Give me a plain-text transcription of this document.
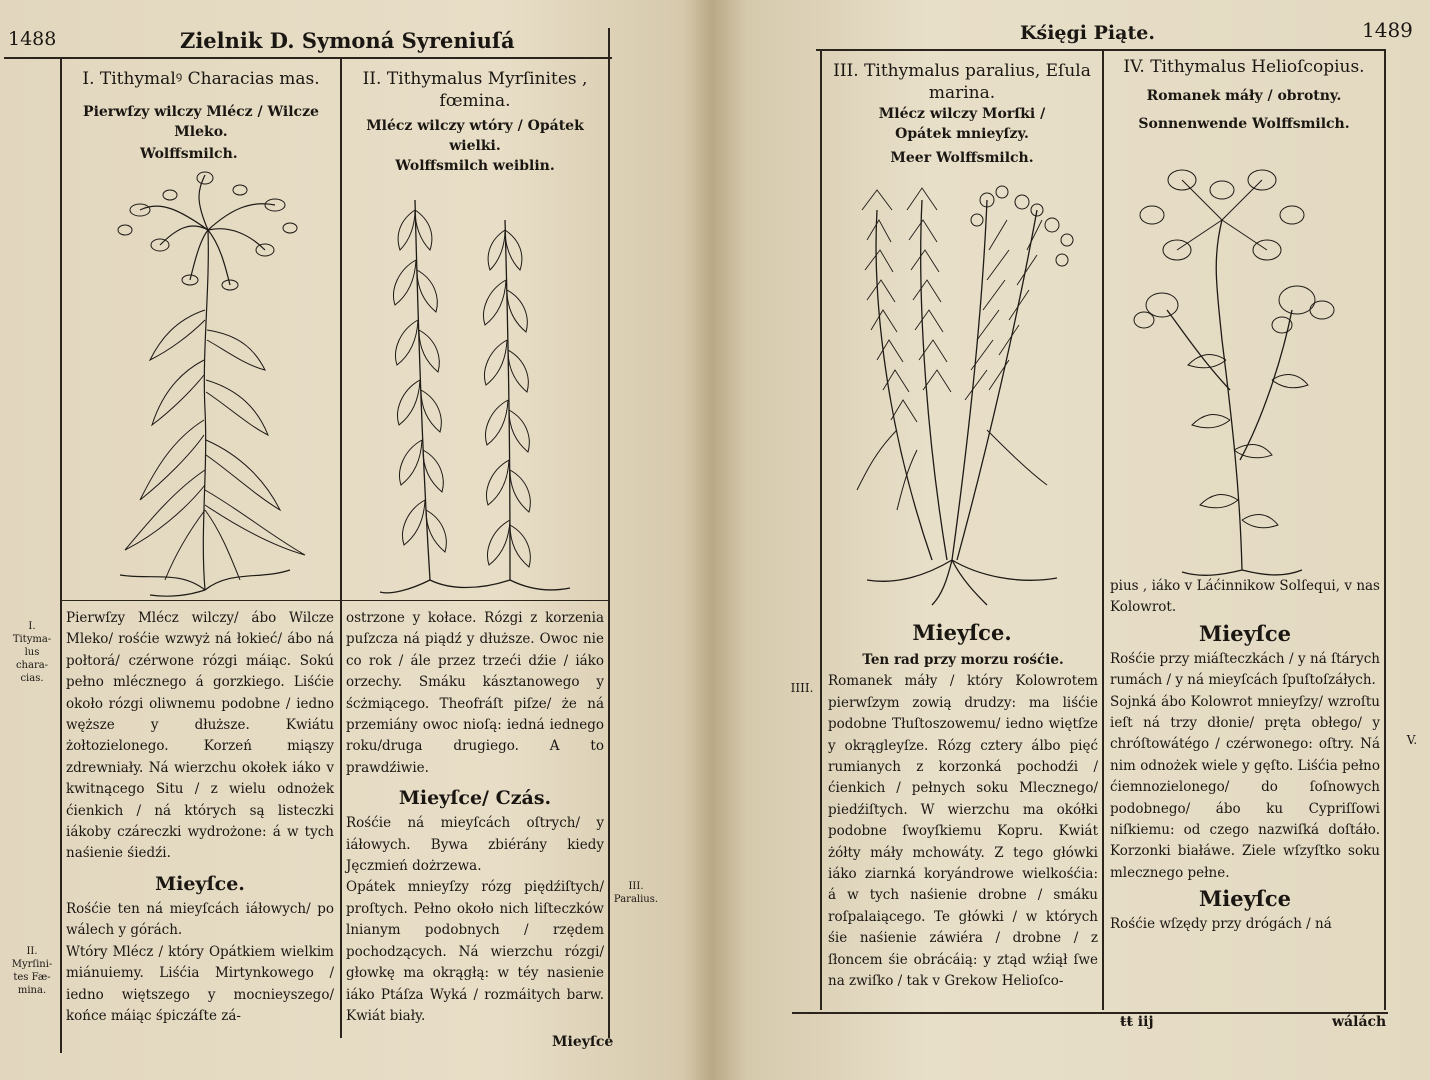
1488	Zielnik D. Symoná Syreniuſá
I. Tithymalꝰ Characias mas.
Pierwſzy wilczy Mlécz / Wilcze Mleko.
Wolffsmilch.
I. Tityma-lus chara-cias.
II. Myrſini-tes Fæ-mina.

Pierwſzy Mlécz wilczy/ ábo Wilcze Mleko/ rośćie wzwyż ná łokieć/ ábo ná połtorá/ czérwone rózgi máiąc. Sokú pełno mlécznego á gorzkiego. Liśćie około rózgi oliwnemu podobne / iedno węższe y dłuższe. Kwiátu żołtozielonego. Korzeń miąszy zdrewniały. Ná wierzchu okołek iáko v kwitnącego Situ / z wielu odnożek ćienkich / ná których są listeczki iákoby czáreczki wydrożone: á w tych naśienie śiedźi.

Mieyſce.

Rośćie ten ná mieyſcách iáłowych/ po wálech y górách.

Wtóry Mlécz / który Opátkiem wielkim miánuiemy. Liśćia Mirtynkowego / iedno więtszego y mocnieyszego/ końce máiąc śpiczáſte zá-

II. Tithymalus Myrſinites ,
fœmina.
Mlécz wilczy wtóry / Opátek wielki.
Wolffsmilch weiblin.
III. Paralius.

ostrzone y kołace. Rózgi z korzenia puſzcza ná piądź y dłuższe. Owoc nie co rok / ále przez trzeći dźie / iáko orzechy. Smáku kásztanowego y ścżmiącego. Theofráſt piſze/ że ná przemiány owoc nioſą: iedná iednego roku/druga drugiego. A to prawdźiwie.

Mieyſce/ Czás.

Rośćie ná mieyſcách oſtrych/ y iáłowych. Bywa zbiérány kiedy Jęczmień dożrzewa.

Opátek mnieyſzy rózg piędźiſtych/ proſtych. Pełno około nich liſteczków lnianym podobnych / rzędem pochodzących. Ná wierzchu rózgi/ głowkę ma okrągłą: w téy nasienie iáko Ptáſza Wyká / rozmáitych barw. Kwiát biały.

Mieyſce
Kśięgi Piąte.	1489
III. Tithymalus paralius, Eſula
marina.
Mlécz wilczy Morſki / Opátek mnieyſzy.
Meer Wolffsmilch.
Mieyſce.
IIII.

Ten rad przy morzu rośćie.

Romanek máły / który Kolowrotem pierwſzym zowią drudzy: ma liśćie podobne Tłuſtoszowemu/ iedno więtſze y okrągleyſze. Rózg cztery álbo pięć rumianych z korzonká pochodźi / ćienkich / pełnych soku Mlecznego/ piedźiſtych. W wierzchu ma okółki podobne ſwoyſkiemu Kopru. Kwiát żółty máły mchowáty. Z tego główki iáko ziarnká koryándrowe wielkośćia: á w tych naśienie drobne / smáku roſpalaiącego. Te główki / w których śie naśienie záwiéra / drobne / z ſłoncem śie obrácáią: y ztąd wźiął ſwe na zwiſko / tak v Grekow Helioſco-

IV. Tithymalus Helioſcopius.
Romanek máły / obrotny.
Sonnenwende Wolffsmilch.
V.

pius , iáko v Láćinnikow Solſequi, v nas Kolowrot.

Mieyſce

Rośćie przy miáſteczkách / y ná ſtárych rumách / y ná mieyſcách ſpuſtoſzáłych.

Sojnká ábo Kolowrot mnieyſzy/ wzroſtu ieſt ná trzy dłonie/ pręta obłego/ y chróſtowátégo / czérwonego: oſtry. Ná nim odnożek wiele y gęſto. Liśćia pełno ćiemnozielonego/ do ſoſnowych podobnego/ ábo ku Cypriſſowi niſkiemu: od czego nazwiſká doſtáło. Korzonki białáwe. Ziele wſzyſtko soku mlecznego pełne.

Mieyſce

Rośćie wſzędy przy drógách / ná

ŧŧ iij	wálách
